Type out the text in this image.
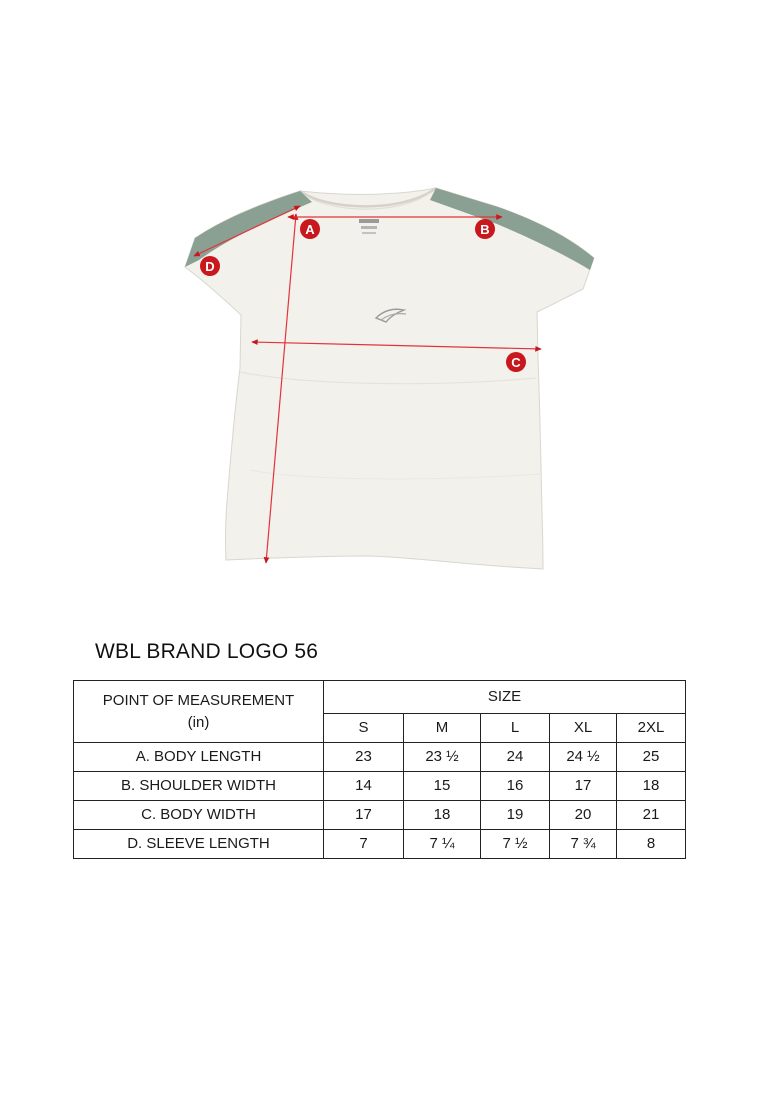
A	B
C
D
WBL BRAND LOGO 56
POINT OF MEASUREMENT
(in)	SIZE				
	S	M	L	XL	2XL
A. BODY LENGTH	23	23 ½	24	24 ½	25
B. SHOULDER WIDTH	14	15	16	17	18
C. BODY WIDTH	17	18	19	20	21
D. SLEEVE LENGTH	7	7 ¼	7 ½	7 ¾	8
